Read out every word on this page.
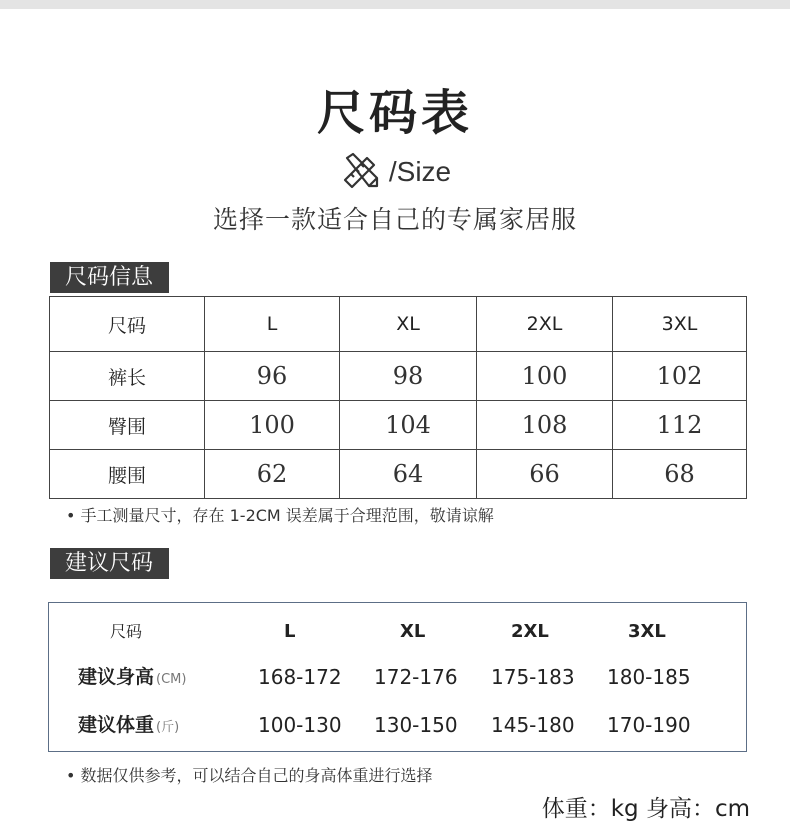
尺码表
/Size
选择一款适合自己的专属家居服
尺码信息
尺码	L	XL	2XL	3XL
裤长	96	98	100	102
臀围	100	104	108	112
腰围	62	64	66	68
• 手工测量尺寸，存在 1-2CM 误差属于合理范围，敬请谅解
建议尺码
尺码	L	XL	2XL	3XL
建议身高 (CM)	168-172 172-176 175-183 180-185
建议体重 (斤)	100-130 130-150 145-180 170-190
• 数据仅供参考，可以结合自己的身高体重进行选择
体重：kg 身高：cm
